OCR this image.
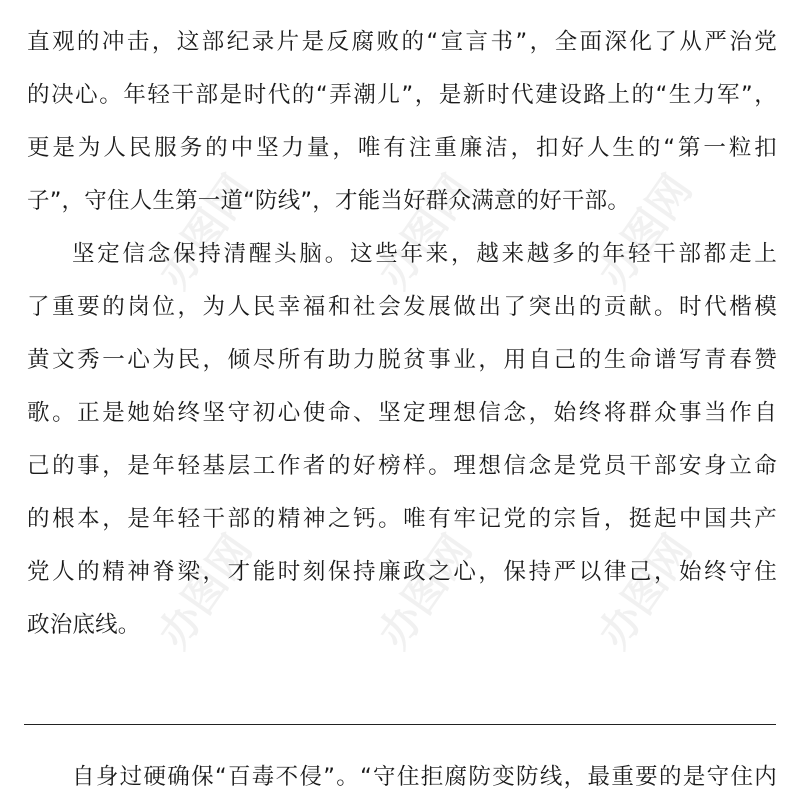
办图网	办图网	办图网
办图网	办图网	办图网
直观的冲击，这部纪录片是反腐败的“宣言书”，全面深化了从严治党
的决心。年轻干部是时代的“弄潮儿”，是新时代建设路上的“生力军”，
更是为人民服务的中坚力量，唯有注重廉洁，扣好人生的“第一粒扣
子”，守住人生第一道“防线”，才能当好群众满意的好干部。
坚定信念保持清醒头脑。这些年来，越来越多的年轻干部都走上
了重要的岗位，为人民幸福和社会发展做出了突出的贡献。时代楷模
黄文秀一心为民，倾尽所有助力脱贫事业，用自己的生命谱写青春赞
歌。正是她始终坚守初心使命、坚定理想信念，始终将群众事当作自
己的事，是年轻基层工作者的好榜样。理想信念是党员干部安身立命
的根本，是年轻干部的精神之钙。唯有牢记党的宗旨，挺起中国共产
党人的精神脊梁，才能时刻保持廉政之心，保持严以律己，始终守住
政治底线。
自身过硬确保“百毒不侵”。“守住拒腐防变防线，最重要的是守住内
